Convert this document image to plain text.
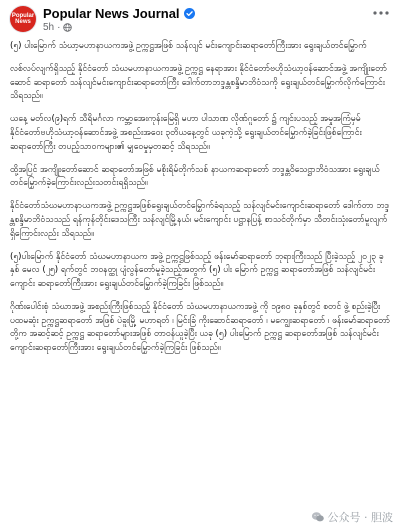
Popular
News
Popular News Journal
5h ·

(၅) ပါးမြောက် သံဃာ့မဟာနာယကအဖွဲ့ ဥက္ကဋ္ဌအဖြစ် သန်လျင် မင်းကျောင်းဆရာတော်ကြီးအား ရွေးချယ်တင်မြှောက်

လစ်လပ်လျက်ရှိသည့် နိုင်ငံတော် သံဃမဟာနာယကအဖွဲ့ ဥက္ကဋ္ဌ နေရာအား နိုင်ငံတော်ဗဟိုသံဃာ့ဝန်ဆောင်အဖွဲ့ အကျိုးတော်ဆောင် ဆရာတော် သန်လျင်မင်းကျောင်းဆရာတော်ကြီး ဒေါက်တာဘဒ္ဒန္တစန္ဒိမာဘိဝံသကို ရွေးချယ်တင်မြှောက်လိုက်ကြောင်း သိရသည်။

ယနေ့ မတ်လ(၉)ရက် သီရိမင်္ဂလာ ကမ္ဘာ့အေးကုန်းမြေရှိ မဟာ ပါသာဏ လိုဏ်ဂူတော် ၌ ကျင်းပသည့် အမှုအကြံမှမ် နိုင်ငံတော်ဗဟိုသံဃာ့ဝန်ဆောင်အဖွဲ့ အစည်းအဝေး ၃တိယနေ့တွင် ယခုကဲ့သို့ ရွေးချယ်တင်မြှောက်ခဲ့ခြင်းဖြစ်ကြောင်း ဆရာတော်ကြီး တပည့်သာဝကများ၏ မျှဝေမှုမှတဆင့် သိရသည်။

ထို့အပြင် အကျိုးတော်ဆောင် ဆရာတော်အဖြစ် မစိုးရိမ်တိုက်သစ် နာယကဆရာတော် ဘဒ္ဒန္တဝိသေဋ္ဌာဘိဝံသအား ရွေးချယ်တင်မြှောက်ခဲ့ကြောင်းလည်းသတင်းရရှိသည်။

နိုင်ငံတော်သံဃမဟာနာယကအဖွဲ့ ဥက္ကဋ္ဌအဖြစ်ရွေးချယ်တင်မြှောက်ခံရသည့် သန်လျင်မင်းကျောင်းဆရာတော် ဒေါက်တာ ဘဒ္ဒန္တစန္ဒိမာဘိဝံသသည် ရန်ကုန်တိုင်းဒေသကြီး သန်လျင်မြို့နယ်၊ မင်းကျောင်း ပဋ္ဌာနပြန့် စာသင်တိုက်မှာ သီတင်းသုံးတော်မူလျက်ရှိကြောင်းလည်း သိရသည်။

(၅)ပါးမြောက် နိုင်ငံတော် သံဃမဟာနာယက အဖွဲ့ ဥက္ကဋ္ဌဖြစ်သည့် ဖန်းမော်ဆရာတော် ဘုရားကြီးသည် ပြီးခဲ့သည့် ၂၀၂၃ ခုနှစ် မေလ (၂၅) ရက်တွင် ဘဝနတ္ထု ပျံလွန်တော်မူခဲ့သည့်အတွက် (၅) ပါး မြောက် ဥက္ကဋ္ဌ ဆရာတော်အဖြစ် သန်လျင်မင်းကျောင်း ဆရာတော်ကြီးအား ရွေးချယ်တင်မြှောက်ခဲ့ကြခြင်း ဖြစ်သည်။

ဂိုဏ်းပေါင်းစုံ သံဃာအဖွဲ့ အစည်းကြီးဖြစ်သည့် နိုင်ငံတော် သံဃမဟာနာယကအဖွဲ့ ကို ၁၉၈၀ ခုနှစ်တွင် စတင် ဖွဲ့ စည်းခဲ့ပြီး ပထမဆုံး ဥက္ကဋ္ဌဆရာတော် အဖြစ် ပဲခူးမြို့ မဟာရတ် ၊ မြင်းခြံ ကိုးဆောင်ဆရာတော် ၊ မကျွေးဆရာတော် ၊ ဖန်းမော်ဆရာတော်တို့က အဆင့်ဆင့် ဥက္ကဋ္ဌ ဆရာတော်များအဖြစ် တာဝန်ယူခဲ့ပြီး ယခု (၅) ပါးမြောက် ဥက္ကဋ္ဌ ဆရာတော်အဖြစ် သန်လျင်မင်းကျောင်းဆရာတော်ကြီးအား ရွေးချယ်တင်မြှောက်ခဲ့ကြခြင်း ဖြစ်သည်။

公众号 · 胆波
